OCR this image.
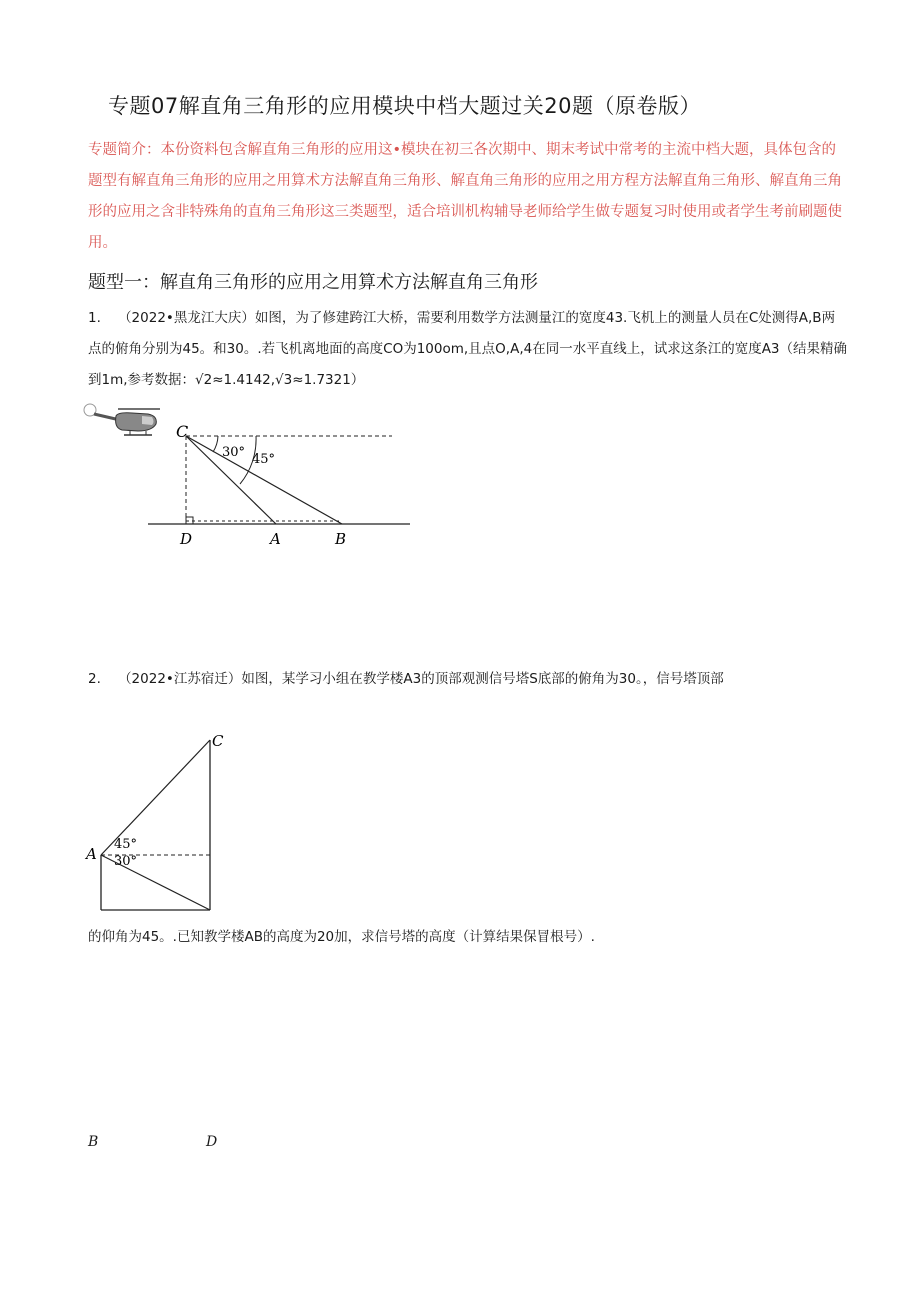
专题07解直角三角形的应用模块中档大题过关20题（原卷版）
专题简介：本份资料包含解直角三角形的应用这•模块在初三各次期中、期末考试中常考的主流中档大题，具体包含的题型有解直角三角形的应用之用算术方法解直角三角形、解直角三角形的应用之用方程方法解直角三角形、解直角三角形的应用之含非特殊角的直角三角形这三类题型，适合培训机构辅导老师给学生做专题复习时使用或者学生考前刷题使用。
题型一：解直角三角形的应用之用算术方法解直角三角形
1. （2022•黑龙江大庆）如图，为了修建跨江大桥，需要利用数学方法测量江的宽度43.飞机上的测量人员在C处测得A,B两点的俯角分别为45。和30。.若飞机离地面的高度CO为100om,且点O,A,4在同一水平直线上，试求这条江的宽度A3（结果精确到1m,参考数据：√2≈1.4142,√3≈1.7321）
C
30° 45°
D	A	B
2. （2022•江苏宿迁）如图，某学习小组在教学楼A3的顶部观测信号塔S底部的俯角为30。，信号塔顶部
C
A
45°
30°
的仰角为45。.已知教学楼AB的高度为20加，求信号塔的高度（计算结果保冒根号）.
B	D
